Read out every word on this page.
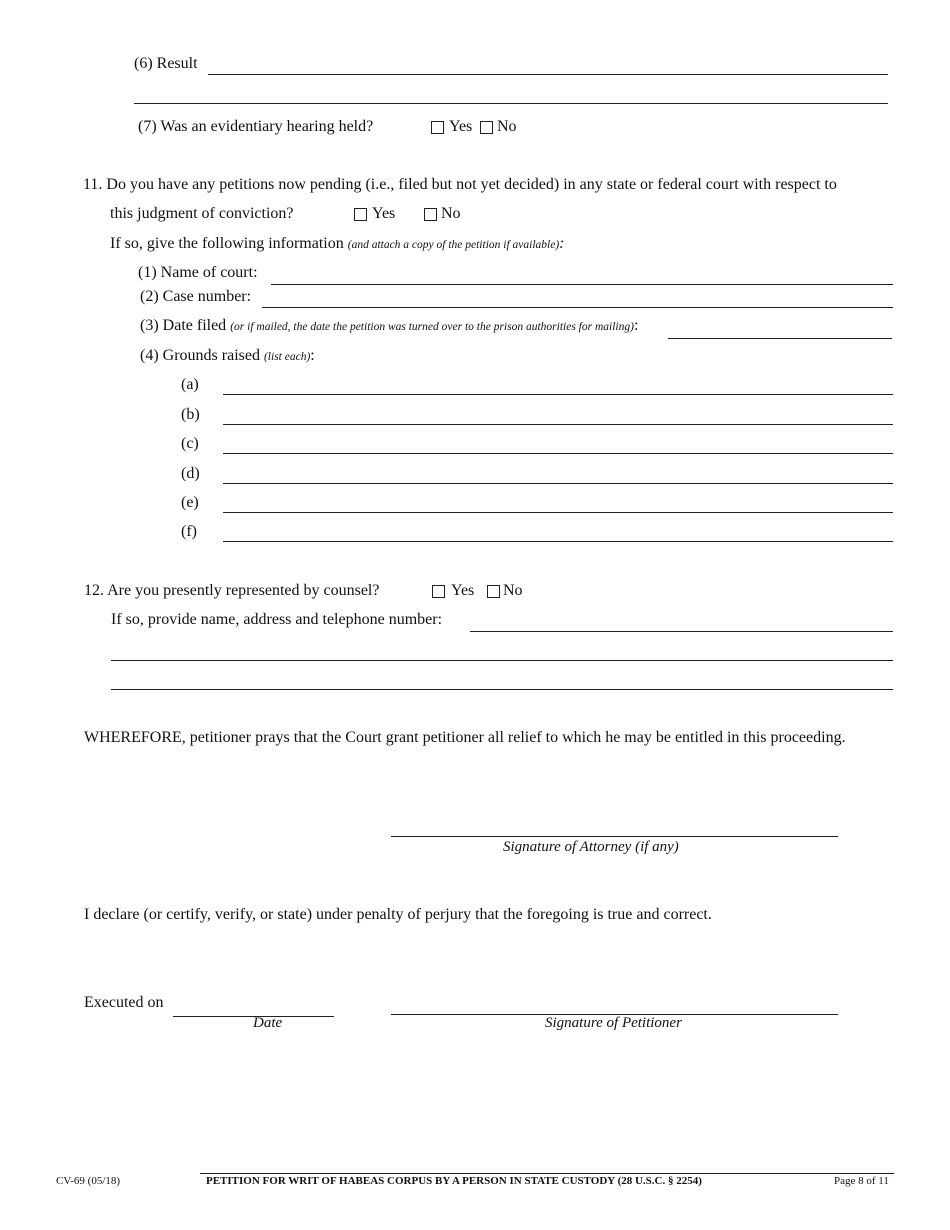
(6) Result
(7) Was an evidentiary hearing held?	Yes No
11. Do you have any petitions now pending (i.e., filed but not yet decided) in any state or federal court with respect to
this judgment of conviction?	Yes	No
If so, give the following information (and attach a copy of the petition if available):
(1) Name of court:
(2) Case number:
(3) Date filed (or if mailed, the date the petition was turned over to the prison authorities for mailing):
(4) Grounds raised (list each):
(a)
(b)
(c)
(d)
(e)
(f)
12. Are you presently represented by counsel?	Yes No
If so, provide name, address and telephone number:
WHEREFORE, petitioner prays that the Court grant petitioner all relief to which he may be entitled in this proceeding.
Signature of Attorney (if any)
I declare (or certify, verify, or state) under penalty of perjury that the foregoing is true and correct.
Executed on
Date	Signature of Petitioner
CV-69 (05/18)	PETITION FOR WRIT OF HABEAS CORPUS BY A PERSON IN STATE CUSTODY (28 U.S.C. § 2254)	Page 8 of 11
